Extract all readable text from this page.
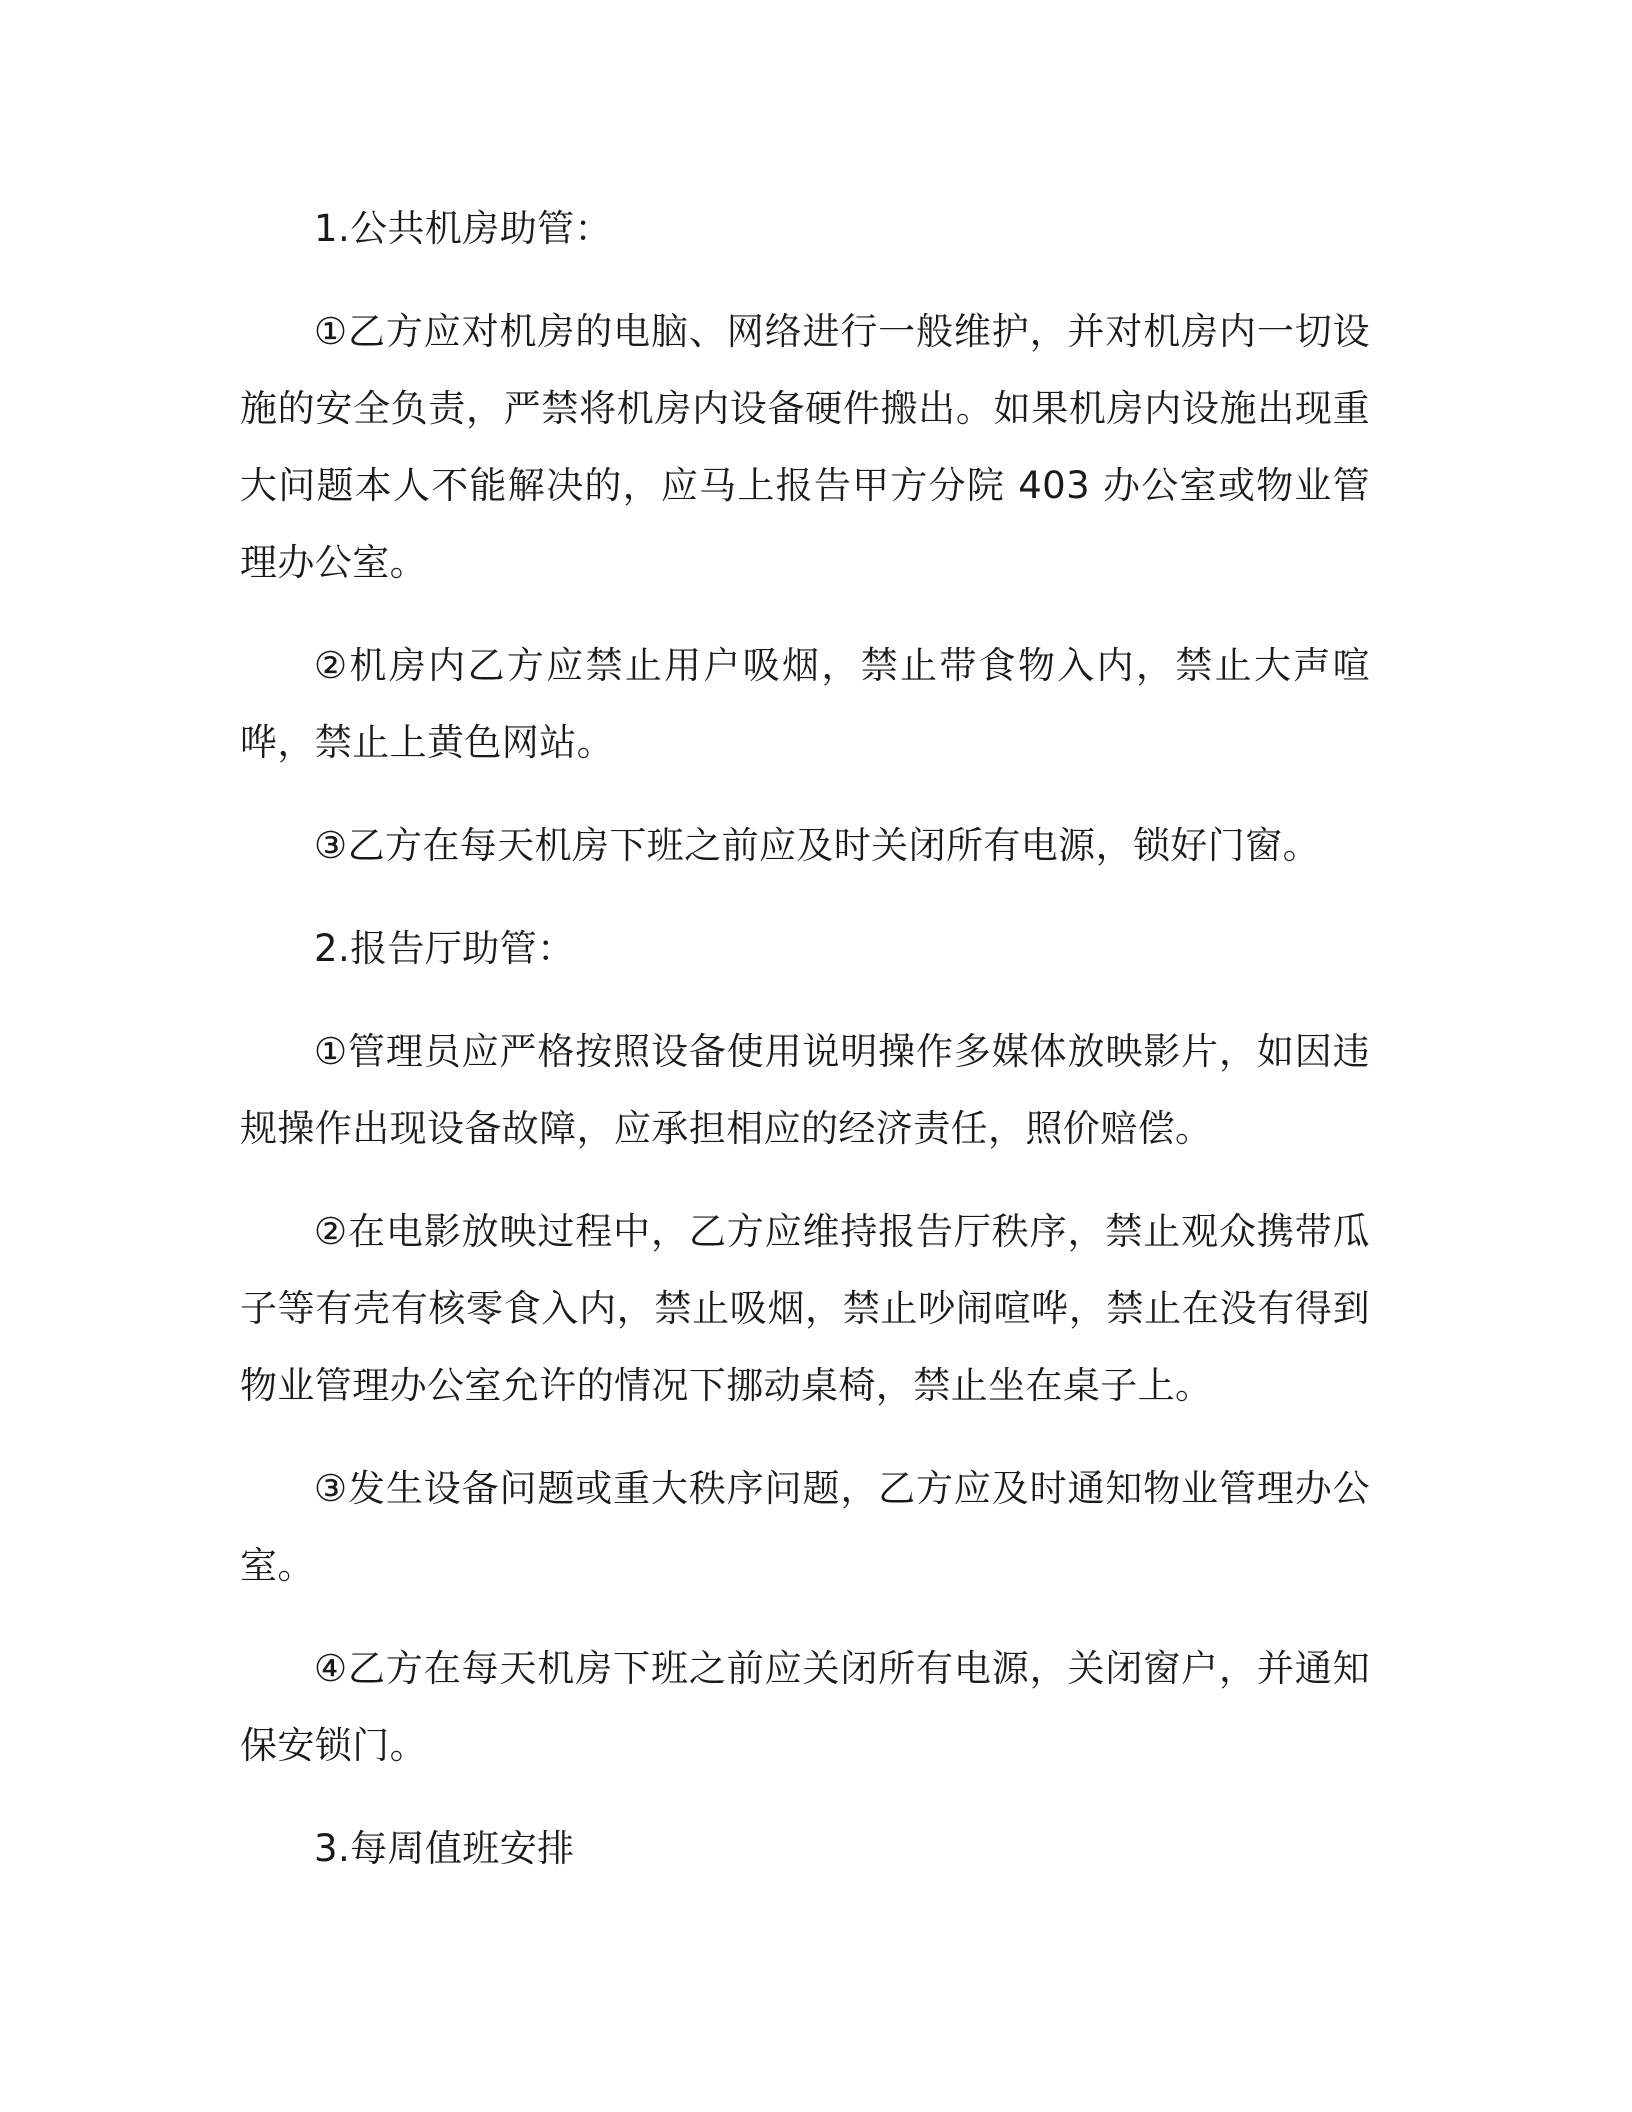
1.公共机房助管：

①乙方应对机房的电脑、网络进行一般维护，并对机房内一切设施的安全负责，严禁将机房内设备硬件搬出。如果机房内设施出现重大问题本人不能解决的，应马上报告甲方分院 403 办公室或物业管理办公室。

②机房内乙方应禁止用户吸烟，禁止带食物入内，禁止大声喧哗，禁止上黄色网站。

③乙方在每天机房下班之前应及时关闭所有电源，锁好门窗。

2.报告厅助管：

①管理员应严格按照设备使用说明操作多媒体放映影片，如因违规操作出现设备故障，应承担相应的经济责任，照价赔偿。

②在电影放映过程中，乙方应维持报告厅秩序，禁止观众携带瓜子等有壳有核零食入内，禁止吸烟，禁止吵闹喧哗，禁止在没有得到物业管理办公室允许的情况下挪动桌椅，禁止坐在桌子上。

③发生设备问题或重大秩序问题，乙方应及时通知物业管理办公室。

④乙方在每天机房下班之前应关闭所有电源，关闭窗户，并通知保安锁门。

3.每周值班安排
